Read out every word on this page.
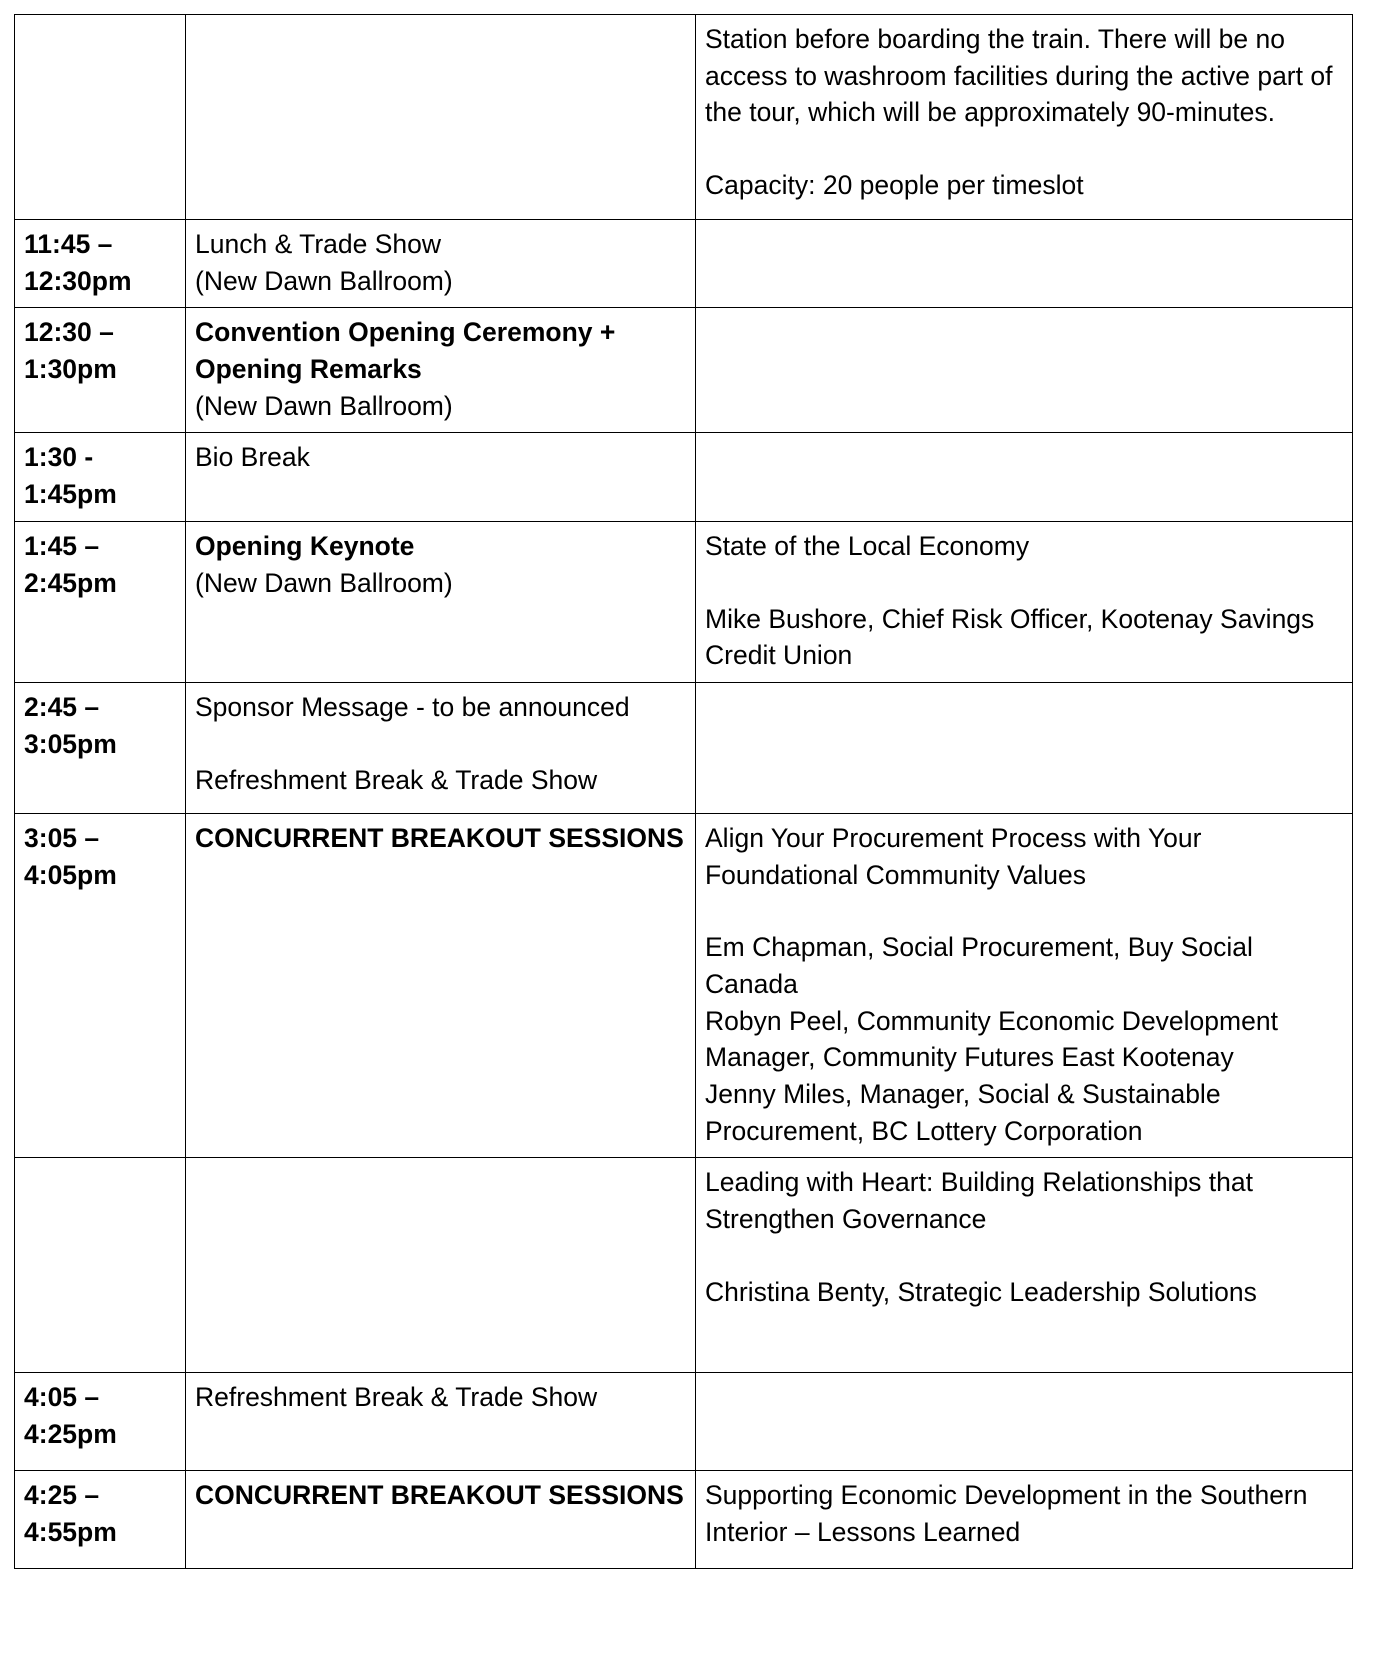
		Station before boarding the train. There will be no access to washroom facilities during the active part of the tour, which will be approximately 90-minutes.
Capacity: 20 people per timeslot

11:45 –
12:30pm	Lunch & Trade Show
(New Dawn Ballroom)	

12:30 –
1:30pm	Convention Opening Ceremony + Opening Remarks
(New Dawn Ballroom)	

1:30 -
1:45pm	Bio Break	

1:45 –
2:45pm	Opening Keynote
(New Dawn Ballroom)	State of the Local Economy
Mike Bushore, Chief Risk Officer, Kootenay Savings Credit Union

2:45 –
3:05pm	Sponsor Message - to be announced
Refreshment Break & Trade Show	

3:05 –
4:05pm	CONCURRENT BREAKOUT SESSIONS	Align Your Procurement Process with Your Foundational Community Values
Em Chapman, Social Procurement, Buy Social Canada
Robyn Peel, Community Economic Development Manager, Community Futures East Kootenay
Jenny Miles, Manager, Social & Sustainable Procurement, BC Lottery Corporation

		Leading with Heart: Building Relationships that Strengthen Governance
Christina Benty, Strategic Leadership Solutions

4:05 –
4:25pm	Refreshment Break & Trade Show	

4:25 –
4:55pm	CONCURRENT BREAKOUT SESSIONS	Supporting Economic Development in the Southern Interior – Lessons Learned
